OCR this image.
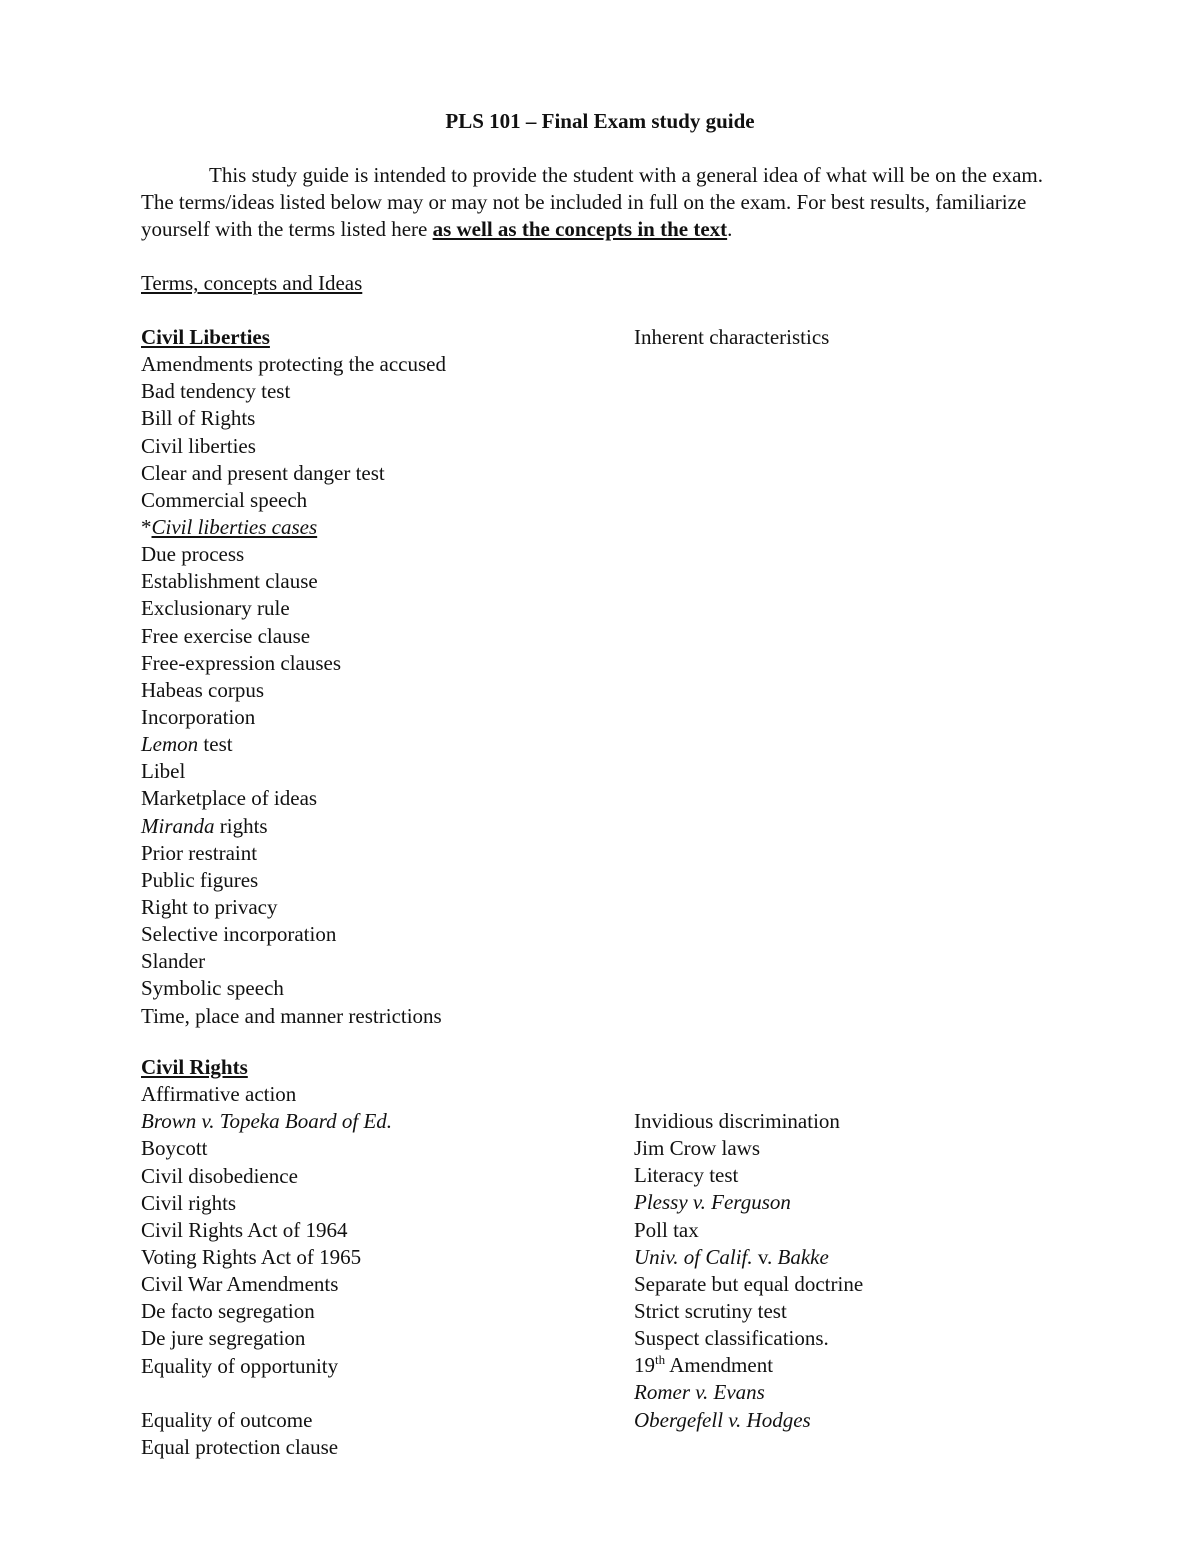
PLS 101 – Final Exam study guide
This study guide is intended to provide the student with a general idea of what will be on the exam. The terms/ideas listed below may or may not be included in full on the exam. For best results, familiarize yourself with the terms listed here as well as the concepts in the text.
Terms, concepts and Ideas
Civil Liberties
Amendments protecting the accused
Bad tendency test
Bill of Rights
Civil liberties
Clear and present danger test
Commercial speech
*Civil liberties cases
Due process
Establishment clause
Exclusionary rule
Free exercise clause
Free-expression clauses
Habeas corpus
Incorporation
Lemon test
Libel
Marketplace of ideas
Miranda rights
Prior restraint
Public figures
Right to privacy
Selective incorporation
Slander
Symbolic speech
Time, place and manner restrictions
Inherent characteristics
Civil Rights
Affirmative action
Brown v. Topeka Board of Ed.
Boycott
Civil disobedience
Civil rights
Civil Rights Act of 1964
Voting Rights Act of 1965
Civil War Amendments
De facto segregation
De jure segregation
Equality of opportunity
Equality of outcome
Equal protection clause
Invidious discrimination
Jim Crow laws
Literacy test
Plessy v. Ferguson
Poll tax
Univ. of Calif. v. Bakke
Separate but equal doctrine
Strict scrutiny test
Suspect classifications.
19th Amendment
Romer v. Evans
Obergefell v. Hodges
